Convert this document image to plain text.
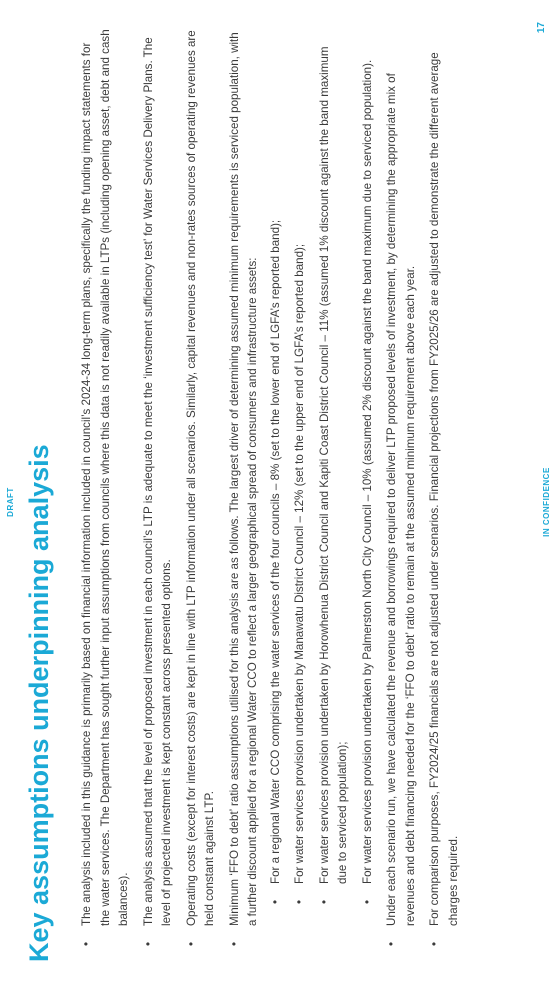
DRAFT Key assumptions underpinning analysis •
The analysis included in this guidance is primarily based on financial information included in council’s 2024-34 long-term plans, specifically the funding impact statements for the water services. The Department has sought further input assumptions from councils where this data is not readily available in LTPs (including opening asset, debt and cash balances).
•
The analysis assumed that the level of proposed investment in each council’s LTP is adequate to meet the ‘investment sufficiency test’ for Water Services Delivery Plans. The level of projected investment is kept constant across presented options.
•
Operating costs (except for interest costs) are kept in line with LTP information under all scenarios. Similarly, capital revenues and non-rates sources of operating revenues are held constant against LTP.
•
Minimum ‘FFO to debt’ ratio assumptions utilised for this analysis are as follows. The largest driver of determining assumed minimum requirements is serviced population, with a further discount applied for a regional Water CCO to reflect a larger geographical spread of consumers and infrastructure assets: •
For a regional Water CCO comprising the water services of the four councils – 8% (set to the lower end of LGFA’s reported band);
•
For water services provision undertaken by Manawatu District Council – 12% (set to the upper end of LGFA’s reported band);
•
For water services provision undertaken by Horowhenua District Council and Kapiti Coast District Council – 11% (assumed 1% discount against the band maximum due to serviced population);
•
For water services provision undertaken by Palmerston North City Council – 10% (assumed 2% discount against the band maximum due to serviced population).
•
Under each scenario run, we have calculated the revenue and borrowings required to deliver LTP proposed levels of investment, by determining the appropriate mix of revenues and debt financing needed for the ‘FFO to debt’ ratio to remain at the assumed minimum requirement above each year.
•
For comparison purposes, FY2024/25 financials are not adjusted under scenarios. Financial projections from FY2025/26 are adjusted to demonstrate the different average charges required.
IN CONFIDENCE
17
